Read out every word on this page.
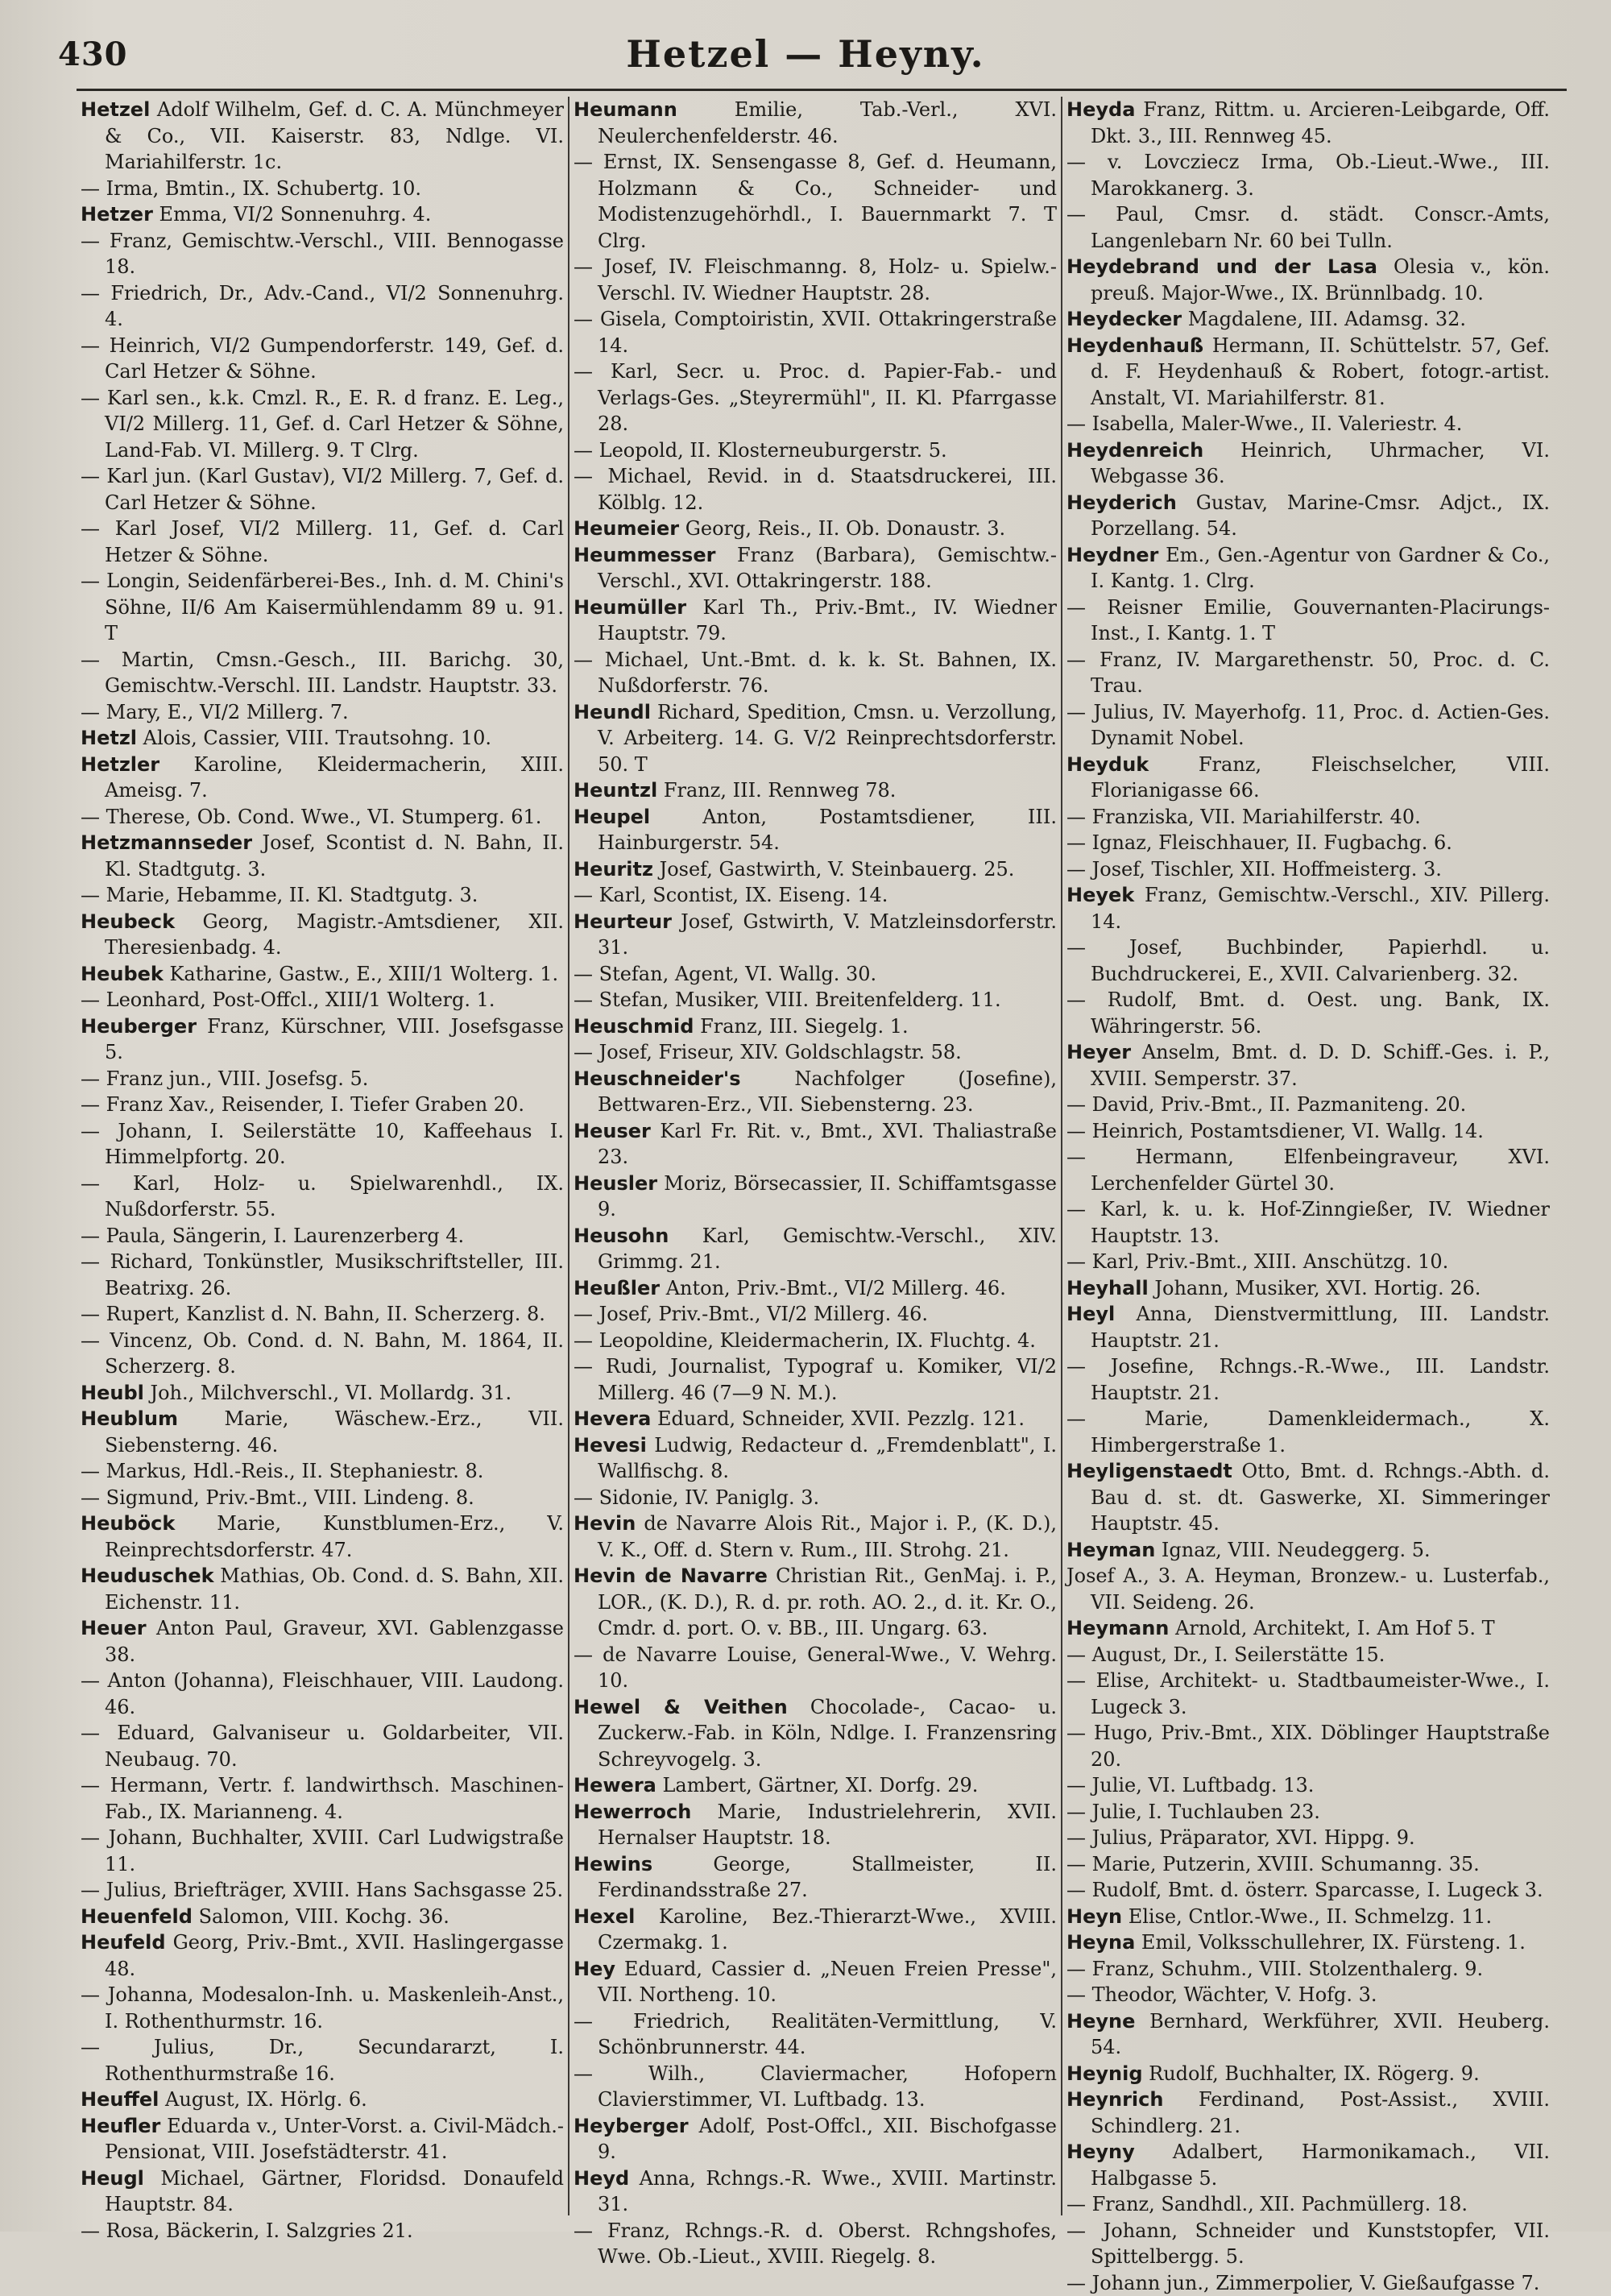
430	Hetzel — Heyny.

Hetzel Adolf Wilhelm, Gef. d. C. A. Münchmeyer & Co., VII. Kaiserstr. 83, Ndlge. VI. Mariahilferstr. 1c.

— Irma, Bmtin., IX. Schubertg. 10.

Hetzer Emma, VI/2 Sonnenuhrg. 4.

— Franz, Gemischtw.-Verschl., VIII. Bennogasse 18.

— Friedrich, Dr., Adv.-Cand., VI/2 Sonnenuhrg. 4.

— Heinrich, VI/2 Gumpendorferstr. 149, Gef. d. Carl Hetzer & Söhne.

— Karl sen., k.k. Cmzl. R., E. R. d franz. E. Leg., VI/2 Millerg. 11, Gef. d. Carl Hetzer & Söhne, Land-Fab. VI. Millerg. 9. T Clrg.

— Karl jun. (Karl Gustav), VI/2 Millerg. 7, Gef. d. Carl Hetzer & Söhne.

— Karl Josef, VI/2 Millerg. 11, Gef. d. Carl Hetzer & Söhne.

— Longin, Seidenfärberei-Bes., Inh. d. M. Chini's Söhne, II/6 Am Kaisermühlendamm 89 u. 91. T

— Martin, Cmsn.-Gesch., III. Barichg. 30, Gemischtw.-Verschl. III. Landstr. Hauptstr. 33.

— Mary, E., VI/2 Millerg. 7.

Hetzl Alois, Cassier, VIII. Trautsohng. 10.

Hetzler Karoline, Kleidermacherin, XIII. Ameisg. 7.

— Therese, Ob. Cond. Wwe., VI. Stumperg. 61.

Hetzmannseder Josef, Scontist d. N. Bahn, II. Kl. Stadtgutg. 3.

— Marie, Hebamme, II. Kl. Stadtgutg. 3.

Heubeck Georg, Magistr.-Amtsdiener, XII. Theresienbadg. 4.

Heubek Katharine, Gastw., E., XIII/1 Wolterg. 1.

— Leonhard, Post-Offcl., XIII/1 Wolterg. 1.

Heuberger Franz, Kürschner, VIII. Josefsgasse 5.

— Franz jun., VIII. Josefsg. 5.

— Franz Xav., Reisender, I. Tiefer Graben 20.

— Johann, I. Seilerstätte 10, Kaffeehaus I. Himmelpfortg. 20.

— Karl, Holz- u. Spielwarenhdl., IX. Nußdorferstr. 55.

— Paula, Sängerin, I. Laurenzerberg 4.

— Richard, Tonkünstler, Musikschriftsteller, III. Beatrixg. 26.

— Rupert, Kanzlist d. N. Bahn, II. Scherzerg. 8.

— Vincenz, Ob. Cond. d. N. Bahn, M. 1864, II. Scherzerg. 8.

Heubl Joh., Milchverschl., VI. Mollardg. 31.

Heublum Marie, Wäschew.-Erz., VII. Siebensterng. 46.

— Markus, Hdl.-Reis., II. Stephaniestr. 8.

— Sigmund, Priv.-Bmt., VIII. Lindeng. 8.

Heuböck Marie, Kunstblumen-Erz., V. Reinprechtsdorferstr. 47.

Heuduschek Mathias, Ob. Cond. d. S. Bahn, XII. Eichenstr. 11.

Heuer Anton Paul, Graveur, XVI. Gablenzgasse 38.

— Anton (Johanna), Fleischhauer, VIII. Laudong. 46.

— Eduard, Galvaniseur u. Goldarbeiter, VII. Neubaug. 70.

— Hermann, Vertr. f. landwirthsch. Maschinen-Fab., IX. Marianneng. 4.

— Johann, Buchhalter, XVIII. Carl Ludwigstraße 11.

— Julius, Briefträger, XVIII. Hans Sachsgasse 25.

Heuenfeld Salomon, VIII. Kochg. 36.

Heufeld Georg, Priv.-Bmt., XVII. Haslingergasse 48.

— Johanna, Modesalon-Inh. u. Maskenleih-Anst., I. Rothenthurmstr. 16.

— Julius, Dr., Secundararzt, I. Rothenthurmstraße 16.

Heuffel August, IX. Hörlg. 6.

Heufler Eduarda v., Unter-Vorst. a. Civil-Mädch.-Pensionat, VIII. Josefstädterstr. 41.

Heugl Michael, Gärtner, Floridsd. Donaufeld Hauptstr. 84.

— Rosa, Bäckerin, I. Salzgries 21.

Heumann Emilie, Tab.-Verl., XVI. Neulerchenfelderstr. 46.

— Ernst, IX. Sensengasse 8, Gef. d. Heumann, Holzmann & Co., Schneider- und Modistenzugehörhdl., I. Bauernmarkt 7. T Clrg.

— Josef, IV. Fleischmanng. 8, Holz- u. Spielw.-Verschl. IV. Wiedner Hauptstr. 28.

— Gisela, Comptoiristin, XVII. Ottakringerstraße 14.

— Karl, Secr. u. Proc. d. Papier-Fab.- und Verlags-Ges. „Steyrermühl", II. Kl. Pfarrgasse 28.

— Leopold, II. Klosterneuburgerstr. 5.

— Michael, Revid. in d. Staatsdruckerei, III. Kölblg. 12.

Heumeier Georg, Reis., II. Ob. Donaustr. 3.

Heummesser Franz (Barbara), Gemischtw.-Verschl., XVI. Ottakringerstr. 188.

Heumüller Karl Th., Priv.-Bmt., IV. Wiedner Hauptstr. 79.

— Michael, Unt.-Bmt. d. k. k. St. Bahnen, IX. Nußdorferstr. 76.

Heundl Richard, Spedition, Cmsn. u. Verzollung, V. Arbeiterg. 14. G. V/2 Reinprechtsdorferstr. 50. T

Heuntzl Franz, III. Rennweg 78.

Heupel Anton, Postamtsdiener, III. Hainburgerstr. 54.

Heuritz Josef, Gastwirth, V. Steinbauerg. 25.

— Karl, Scontist, IX. Eiseng. 14.

Heurteur Josef, Gstwirth, V. Matzleinsdorferstr. 31.

— Stefan, Agent, VI. Wallg. 30.

— Stefan, Musiker, VIII. Breitenfelderg. 11.

Heuschmid Franz, III. Siegelg. 1.

— Josef, Friseur, XIV. Goldschlagstr. 58.

Heuschneider's Nachfolger (Josefine), Bettwaren-Erz., VII. Siebensterng. 23.

Heuser Karl Fr. Rit. v., Bmt., XVI. Thaliastraße 23.

Heusler Moriz, Börsecassier, II. Schiffamtsgasse 9.

Heusohn Karl, Gemischtw.-Verschl., XIV. Grimmg. 21.

Heußler Anton, Priv.-Bmt., VI/2 Millerg. 46.

— Josef, Priv.-Bmt., VI/2 Millerg. 46.

— Leopoldine, Kleidermacherin, IX. Fluchtg. 4.

— Rudi, Journalist, Typograf u. Komiker, VI/2 Millerg. 46 (7—9 N. M.).

Hevera Eduard, Schneider, XVII. Pezzlg. 121.

Hevesi Ludwig, Redacteur d. „Fremdenblatt", I. Wallfischg. 8.

— Sidonie, IV. Paniglg. 3.

Hevin de Navarre Alois Rit., Major i. P., (K. D.), V. K., Off. d. Stern v. Rum., III. Strohg. 21.

Hevin de Navarre Christian Rit., GenMaj. i. P., LOR., (K. D.), R. d. pr. roth. AO. 2., d. it. Kr. O., Cmdr. d. port. O. v. BB., III. Ungarg. 63.

— de Navarre Louise, General-Wwe., V. Wehrg. 10.

Hewel & Veithen Chocolade-, Cacao- u. Zuckerw.-Fab. in Köln, Ndlge. I. Franzensring Schreyvogelg. 3.

Hewera Lambert, Gärtner, XI. Dorfg. 29.

Hewerroch Marie, Industrielehrerin, XVII. Hernalser Hauptstr. 18.

Hewins George, Stallmeister, II. Ferdinandsstraße 27.

Hexel Karoline, Bez.-Thierarzt-Wwe., XVIII. Czermakg. 1.

Hey Eduard, Cassier d. „Neuen Freien Presse", VII. Northeng. 10.

— Friedrich, Realitäten-Vermittlung, V. Schönbrunnerstr. 44.

— Wilh., Claviermacher, Hofopern Clavierstimmer, VI. Luftbadg. 13.

Heyberger Adolf, Post-Offcl., XII. Bischofgasse 9.

Heyd Anna, Rchngs.-R. Wwe., XVIII. Martinstr. 31.

— Franz, Rchngs.-R. d. Oberst. Rchngshofes, Wwe. Ob.-Lieut., XVIII. Riegelg. 8.

Heyda Franz, Rittm. u. Arcieren-Leibgarde, Off. Dkt. 3., III. Rennweg 45.

— v. Lovcziecz Irma, Ob.-Lieut.-Wwe., III. Marokkanerg. 3.

— Paul, Cmsr. d. städt. Conscr.-Amts, Langenlebarn Nr. 60 bei Tulln.

Heydebrand und der Lasa Olesia v., kön. preuß. Major-Wwe., IX. Brünnlbadg. 10.

Heydecker Magdalene, III. Adamsg. 32.

Heydenhauß Hermann, II. Schüttelstr. 57, Gef. d. F. Heydenhauß & Robert, fotogr.-artist. Anstalt, VI. Mariahilferstr. 81.

— Isabella, Maler-Wwe., II. Valeriestr. 4.

Heydenreich Heinrich, Uhrmacher, VI. Webgasse 36.

Heyderich Gustav, Marine-Cmsr. Adjct., IX. Porzellang. 54.

Heydner Em., Gen.-Agentur von Gardner & Co., I. Kantg. 1. Clrg.

— Reisner Emilie, Gouvernanten-Placirungs-Inst., I. Kantg. 1. T

— Franz, IV. Margarethenstr. 50, Proc. d. C. Trau.

— Julius, IV. Mayerhofg. 11, Proc. d. Actien-Ges. Dynamit Nobel.

Heyduk Franz, Fleischselcher, VIII. Florianigasse 66.

— Franziska, VII. Mariahilferstr. 40.

— Ignaz, Fleischhauer, II. Fugbachg. 6.

— Josef, Tischler, XII. Hoffmeisterg. 3.

Heyek Franz, Gemischtw.-Verschl., XIV. Pillerg. 14.

— Josef, Buchbinder, Papierhdl. u. Buchdruckerei, E., XVII. Calvarienberg. 32.

— Rudolf, Bmt. d. Oest. ung. Bank, IX. Währingerstr. 56.

Heyer Anselm, Bmt. d. D. D. Schiff.-Ges. i. P., XVIII. Semperstr. 37.

— David, Priv.-Bmt., II. Pazmaniteng. 20.

— Heinrich, Postamtsdiener, VI. Wallg. 14.

— Hermann, Elfenbeingraveur, XVI. Lerchenfelder Gürtel 30.

— Karl, k. u. k. Hof-Zinngießer, IV. Wiedner Hauptstr. 13.

— Karl, Priv.-Bmt., XIII. Anschützg. 10.

Heyhall Johann, Musiker, XVI. Hortig. 26.

Heyl Anna, Dienstvermittlung, III. Landstr. Hauptstr. 21.

— Josefine, Rchngs.-R.-Wwe., III. Landstr. Hauptstr. 21.

— Marie, Damenkleidermach., X. Himbergerstraße 1.

Heyligenstaedt Otto, Bmt. d. Rchngs.-Abth. d. Bau d. st. dt. Gaswerke, XI. Simmeringer Hauptstr. 45.

Heyman Ignaz, VIII. Neudeggerg. 5.

Josef A., 3. A. Heyman, Bronzew.- u. Lusterfab., VII. Seideng. 26.

Heymann Arnold, Architekt, I. Am Hof 5. T

— August, Dr., I. Seilerstätte 15.

— Elise, Architekt- u. Stadtbaumeister-Wwe., I. Lugeck 3.

— Hugo, Priv.-Bmt., XIX. Döblinger Hauptstraße 20.

— Julie, VI. Luftbadg. 13.

— Julie, I. Tuchlauben 23.

— Julius, Präparator, XVI. Hippg. 9.

— Marie, Putzerin, XVIII. Schumanng. 35.

— Rudolf, Bmt. d. österr. Sparcasse, I. Lugeck 3.

Heyn Elise, Cntlor.-Wwe., II. Schmelzg. 11.

Heyna Emil, Volksschullehrer, IX. Fürsteng. 1.

— Franz, Schuhm., VIII. Stolzenthalerg. 9.

— Theodor, Wächter, V. Hofg. 3.

Heyne Bernhard, Werkführer, XVII. Heuberg. 54.

Heynig Rudolf, Buchhalter, IX. Rögerg. 9.

Heynrich Ferdinand, Post-Assist., XVIII. Schindlerg. 21.

Heyny Adalbert, Harmonikamach., VII. Halbgasse 5.

— Franz, Sandhdl., XII. Pachmüllerg. 18.

— Johann, Schneider und Kunststopfer, VII. Spittelbergg. 5.

— Johann jun., Zimmerpolier, V. Gießaufgasse 7.
